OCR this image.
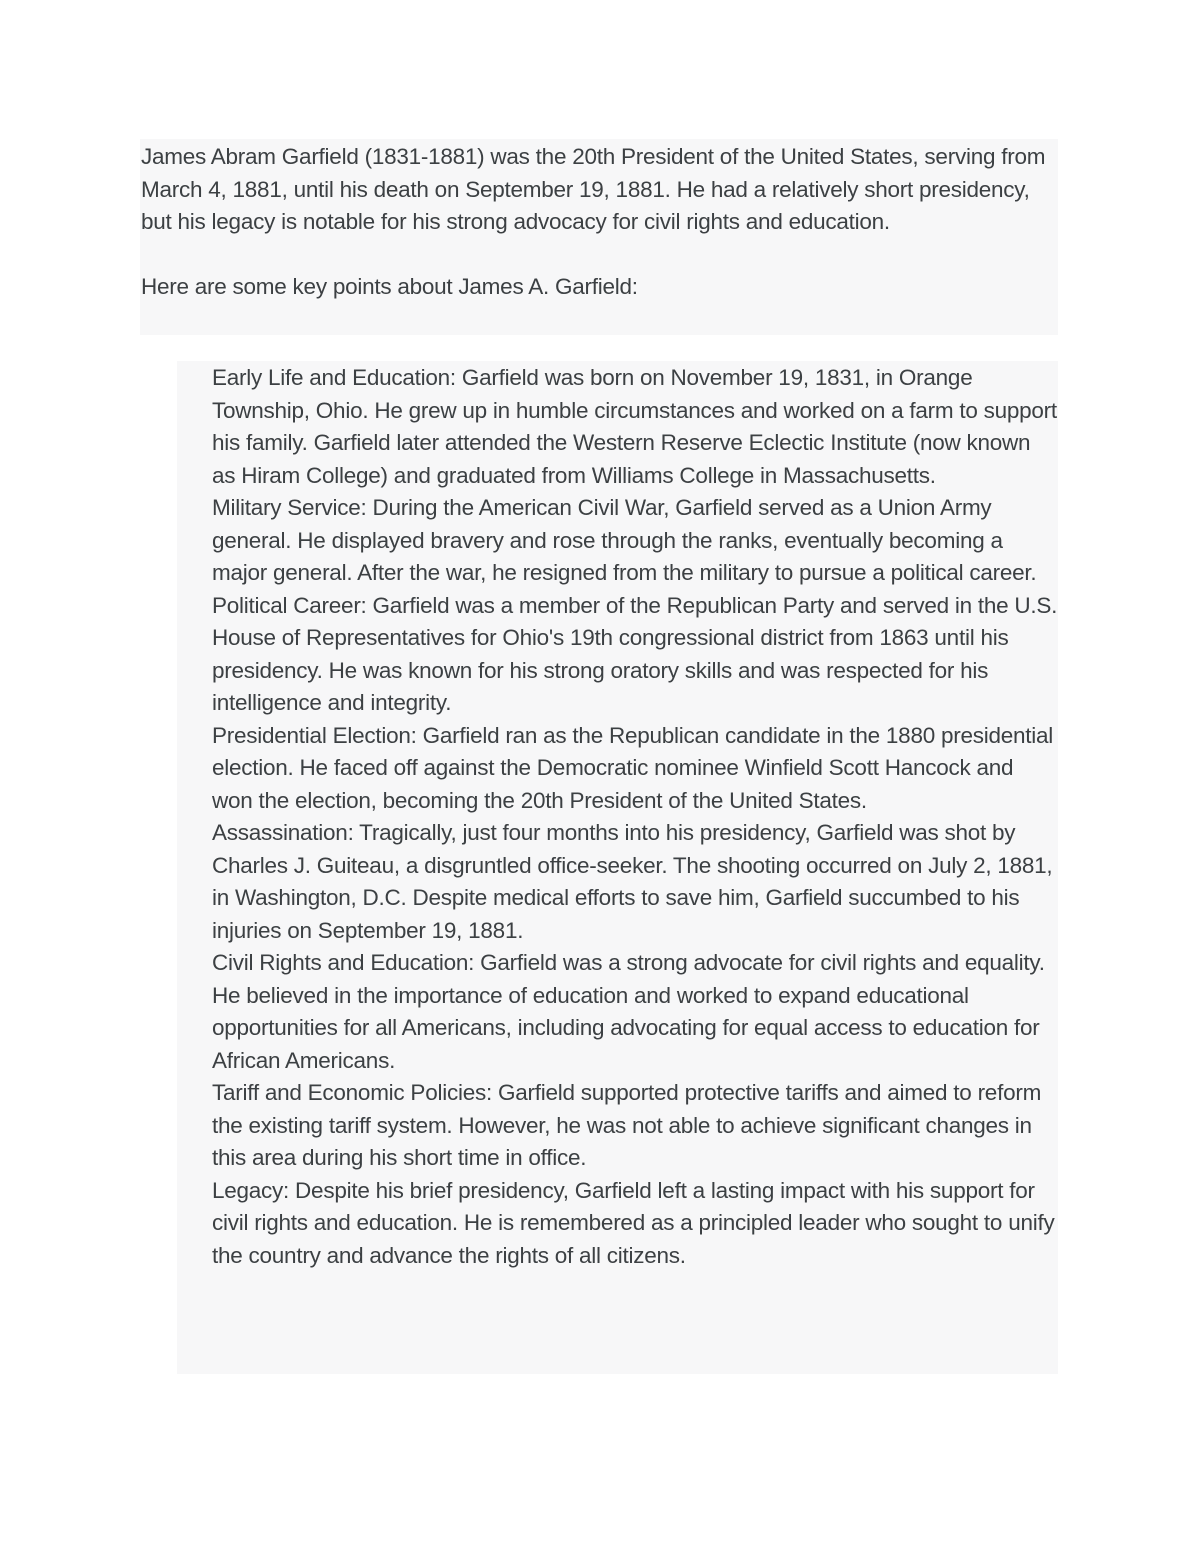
James Abram Garfield (1831-1881) was the 20th President of the United States, serving from March 4, 1881, until his death on September 19, 1881. He had a relatively short presidency, but his legacy is notable for his strong advocacy for civil rights and education.

Here are some key points about James A. Garfield:

Early Life and Education: Garfield was born on November 19, 1831, in Orange Township, Ohio. He grew up in humble circumstances and worked on a farm to support his family. Garfield later attended the Western Reserve Eclectic Institute (now known as Hiram College) and graduated from Williams College in Massachusetts.
Military Service: During the American Civil War, Garfield served as a Union Army general. He displayed bravery and rose through the ranks, eventually becoming a major general. After the war, he resigned from the military to pursue a political career.
Political Career: Garfield was a member of the Republican Party and served in the U.S. House of Representatives for Ohio's 19th congressional district from 1863 until his presidency. He was known for his strong oratory skills and was respected for his intelligence and integrity.
Presidential Election: Garfield ran as the Republican candidate in the 1880 presidential election. He faced off against the Democratic nominee Winfield Scott Hancock and won the election, becoming the 20th President of the United States.
Assassination: Tragically, just four months into his presidency, Garfield was shot by Charles J. Guiteau, a disgruntled office-seeker. The shooting occurred on July 2, 1881, in Washington, D.C. Despite medical efforts to save him, Garfield succumbed to his injuries on September 19, 1881.
Civil Rights and Education: Garfield was a strong advocate for civil rights and equality. He believed in the importance of education and worked to expand educational opportunities for all Americans, including advocating for equal access to education for African Americans.
Tariff and Economic Policies: Garfield supported protective tariffs and aimed to reform the existing tariff system. However, he was not able to achieve significant changes in this area during his short time in office.
Legacy: Despite his brief presidency, Garfield left a lasting impact with his support for civil rights and education. He is remembered as a principled leader who sought to unify the country and advance the rights of all citizens.
